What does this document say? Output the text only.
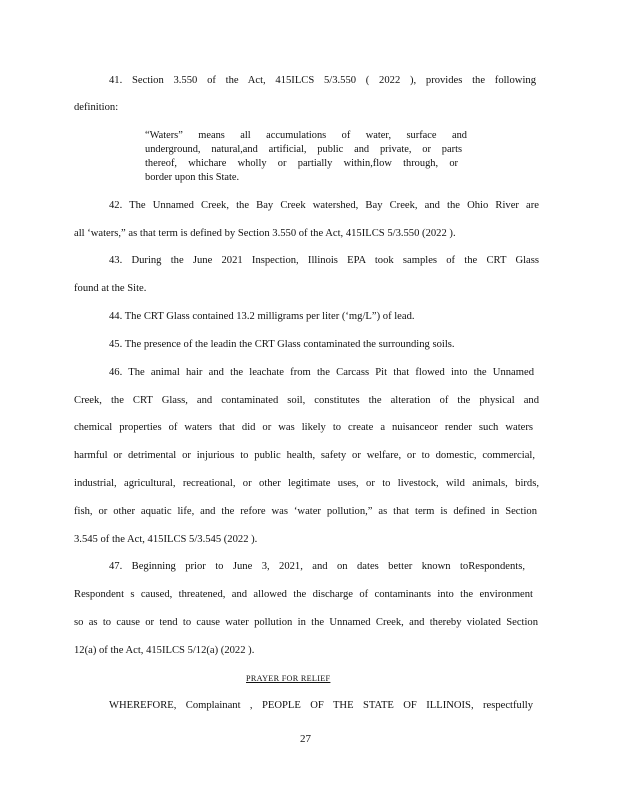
41. Section 3.550 of the Act, 415ILCS 5/3.550 ( 2022 ), provides the following
definition:
“Waters” means all accumulations of water, surface and
underground, natural,and artificial, public and private, or parts
thereof, whichare wholly or partially within,flow through, or
border upon this State.
42. The Unnamed Creek, the Bay Creek watershed, Bay Creek, and the Ohio River are
all ‘waters,” as that term is defined by Section 3.550 of the Act, 415ILCS 5/3.550 (2022 ).
43. During the June 2021 Inspection, Illinois EPA took samples of the CRT Glass
found at the Site.
44. The CRT Glass contained 13.2 milligrams per liter (‘mg/L”) of lead.
45. The presence of the leadin the CRT Glass contaminated the surrounding soils.
46. The animal hair and the leachate from the Carcass Pit that flowed into the Unnamed
Creek, the CRT Glass, and contaminated soil, constitutes the alteration of the physical and
chemical properties of waters that did or was likely to create a nuisanceor render such waters
harmful or detrimental or injurious to public health, safety or welfare, or to domestic, commercial,
industrial, agricultural, recreational, or other legitimate uses, or to livestock, wild animals, birds,
fish, or other aquatic life, and the refore was ‘water pollution,” as that term is defined in Section
3.545 of the Act, 415ILCS 5/3.545 (2022 ).
47. Beginning prior to June 3, 2021, and on dates better known toRespondents,
Respondent s caused, threatened, and allowed the discharge of contaminants into the environment
so as to cause or tend to cause water pollution in the Unnamed Creek, and thereby violated Section
12(a) of the Act, 415ILCS 5/12(a) (2022 ).
PRAYER FOR RELIEF
WHEREFORE, Complainant , PEOPLE OF THE STATE OF ILLINOIS, respectfully
27
